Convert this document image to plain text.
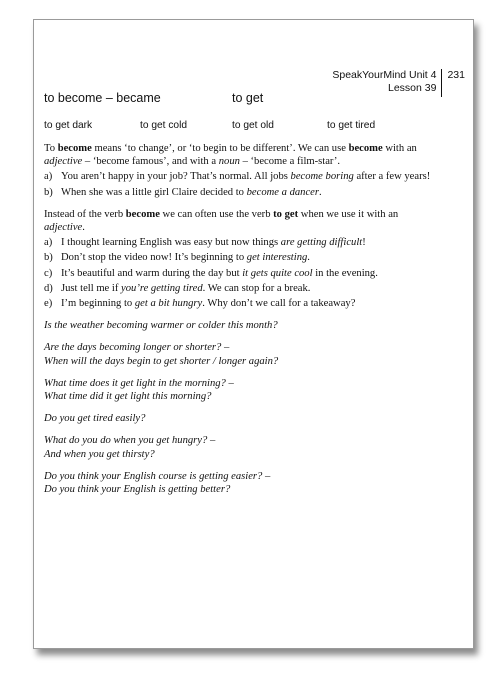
SpeakYourMind Unit 4
Lesson 39
231
to become – became	to get
to get dark	to get cold	to get old	to get tired

To become means ‘to change’, or ‘to begin to be different’. We can use become with an adjective – ‘become famous’, and with a noun – ‘become a film-star’.

a) You aren’t happy in your job? That’s normal. All jobs become boring after a few years!
b) When she was a little girl Claire decided to become a dancer.

Instead of the verb become we can often use the verb to get when we use it with an adjective.

a) I thought learning English was easy but now things are getting difficult!
b) Don’t stop the video now! It’s beginning to get interesting.
c) It’s beautiful and warm during the day but it gets quite cool in the evening.
d) Just tell me if you’re getting tired. We can stop for a break.
e) I’m beginning to get a bit hungry. Why don’t we call for a takeaway?
Is the weather becoming warmer or colder this month?
Are the days becoming longer or shorter? –
When will the days begin to get shorter / longer again?
What time does it get light in the morning? –
What time did it get light this morning?
Do you get tired easily?
What do you do when you get hungry? –
And when you get thirsty?
Do you think your English course is getting easier? –
Do you think your English is getting better?
